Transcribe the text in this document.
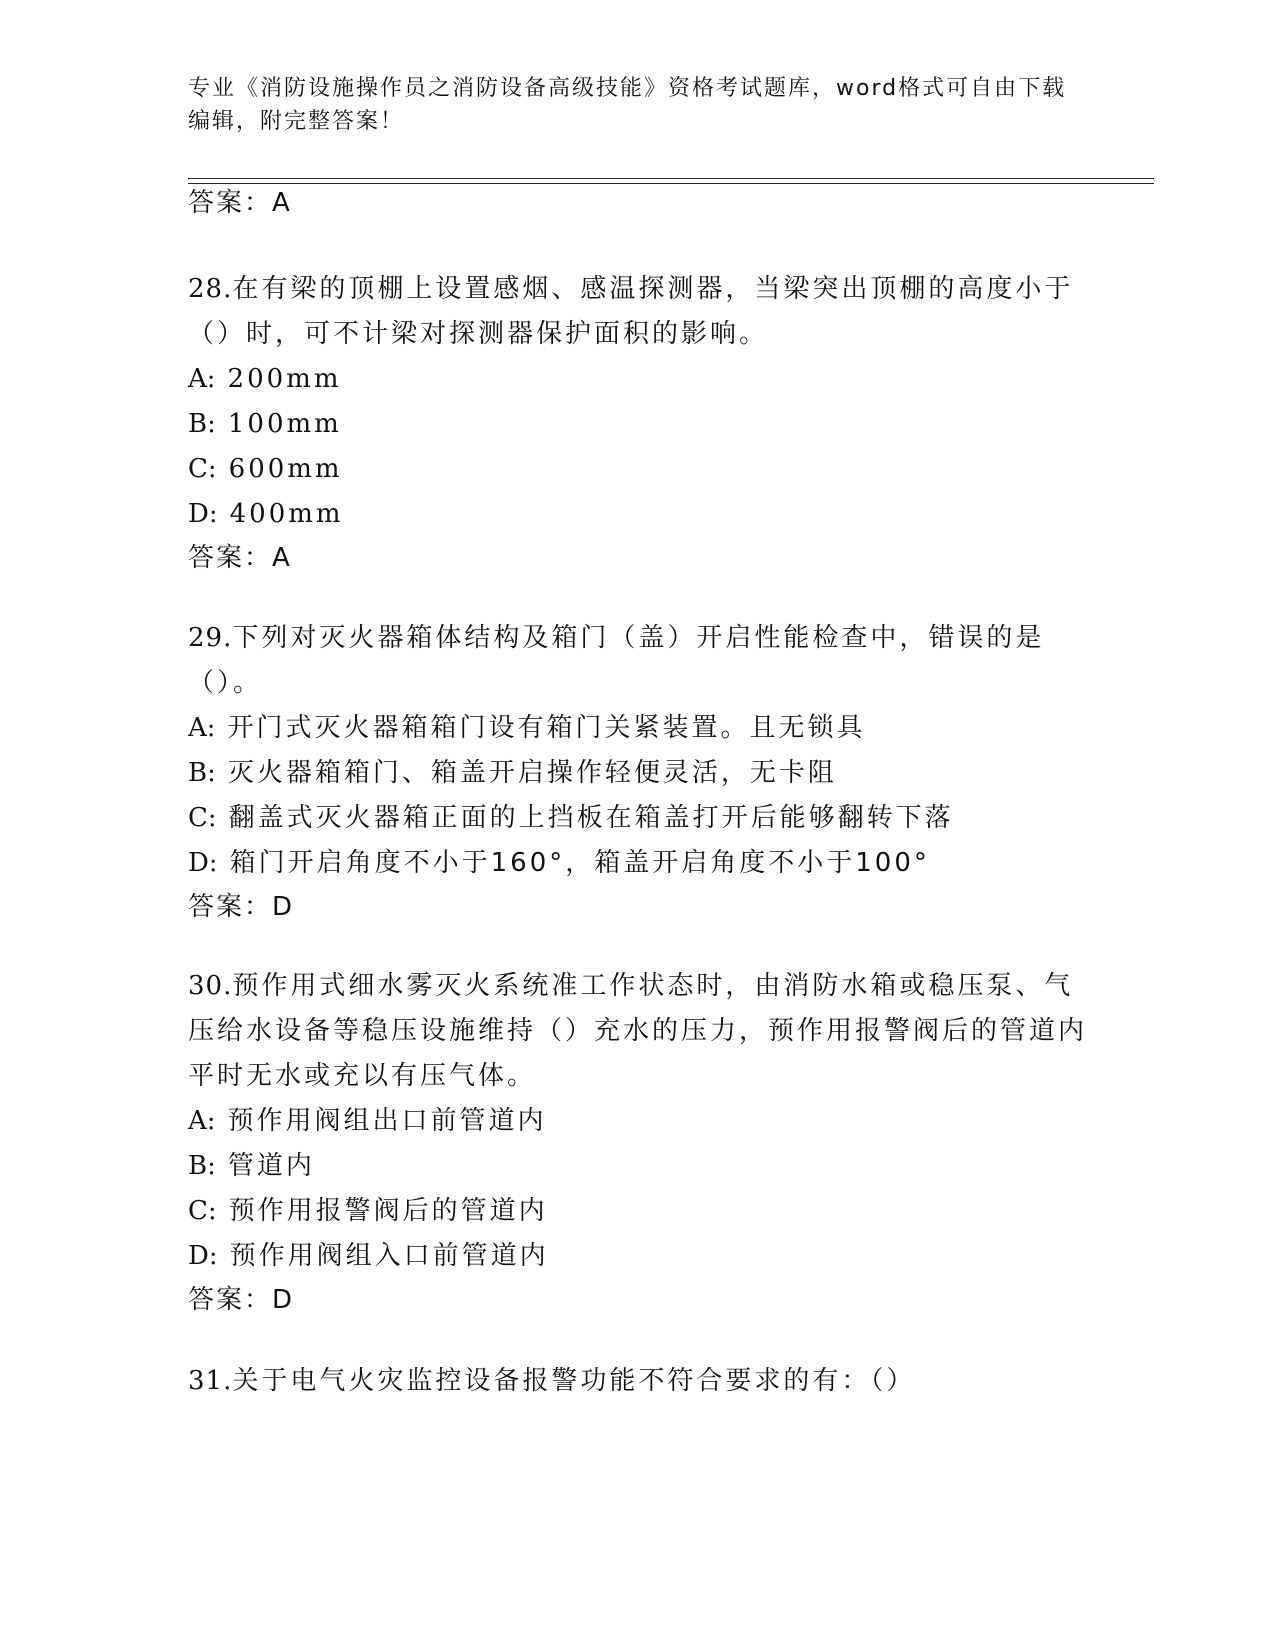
专业《消防设施操作员之消防设备高级技能》资格考试题库，word格式可自由下载编辑，附完整答案！
答案：A
28.在有梁的顶棚上设置感烟、感温探测器，当梁突出顶棚的高度小于（）时，可不计梁对探测器保护面积的影响。
A: 200mm
B: 100mm
C: 600mm
D: 400mm
答案：A
29.下列对灭火器箱体结构及箱门（盖）开启性能检查中，错误的是（）。
A: 开门式灭火器箱箱门设有箱门关紧装置。且无锁具
B: 灭火器箱箱门、箱盖开启操作轻便灵活，无卡阻
C: 翻盖式灭火器箱正面的上挡板在箱盖打开后能够翻转下落
D: 箱门开启角度不小于160°，箱盖开启角度不小于100°
答案：D
30.预作用式细水雾灭火系统准工作状态时，由消防水箱或稳压泵、气压给水设备等稳压设施维持（）充水的压力，预作用报警阀后的管道内平时无水或充以有压气体。
A: 预作用阀组出口前管道内
B: 管道内
C: 预作用报警阀后的管道内
D: 预作用阀组入口前管道内
答案：D
31.关于电气火灾监控设备报警功能不符合要求的有：（）
